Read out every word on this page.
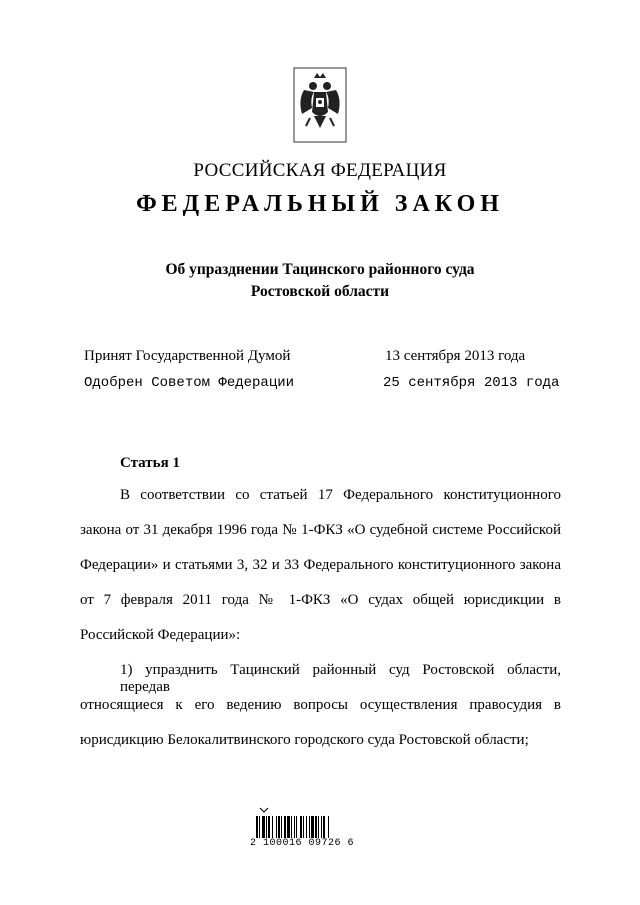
РОССИЙСКАЯ ФЕДЕРАЦИЯ
ФЕДЕРАЛЬНЫЙ ЗАКОН
Об упразднении Тацинского районного суда
Ростовской области
Принят Государственной Думой	13 сентября 2013 года
Одобрен Советом Федерации	25 сентября 2013 года
Статья 1
В соответствии со статьей 17 Федерального конституционного
закона от 31 декабря 1996 года № 1-ФКЗ «О судебной системе Российской
Федерации» и статьями 3, 32 и 33 Федерального конституционного закона
от 7 февраля 2011 года № 1-ФКЗ «О судах общей юрисдикции в
Российской Федерации»:
1) упразднить Тацинский районный суд Ростовской области, передав
относящиеся к его ведению вопросы осуществления правосудия в
юрисдикцию Белокалитвинского городского суда Ростовской области;
2 100016 09726 6
